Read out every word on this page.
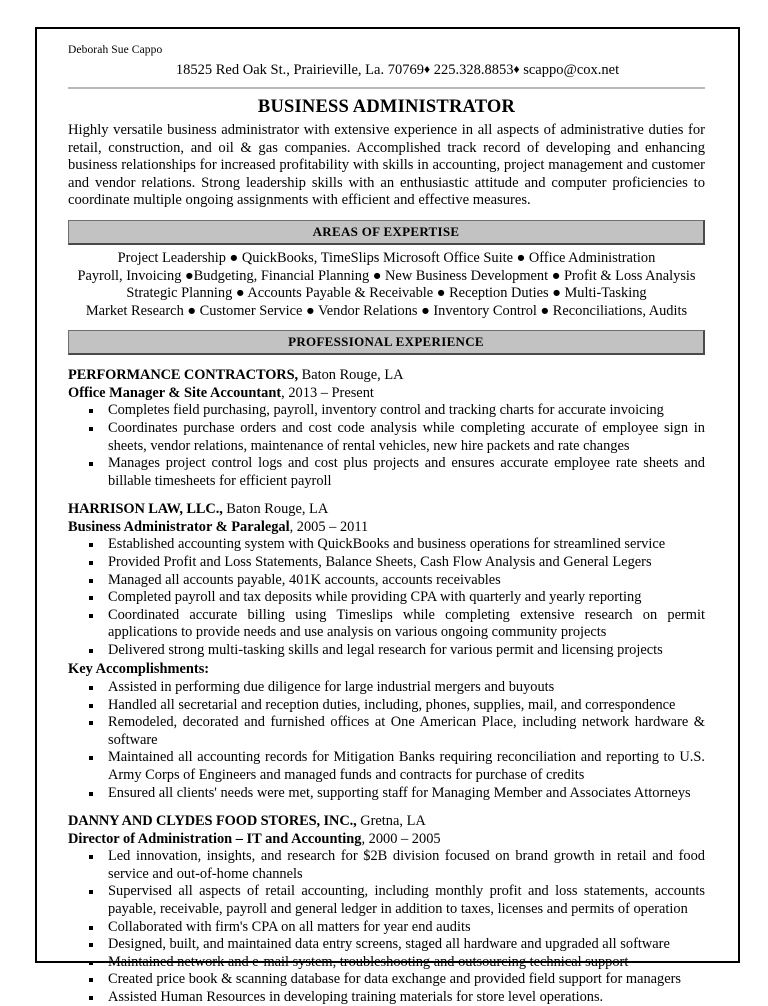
Deborah Sue Cappo
18525 Red Oak St., Prairieville, La. 70769♦ 225.328.8853♦ scappo@cox.net
BUSINESS ADMINISTRATOR
Highly versatile business administrator with extensive experience in all aspects of administrative duties for retail, construction, and oil & gas companies. Accomplished track record of developing and enhancing business relationships for increased profitability with skills in accounting, project management and customer and vendor relations. Strong leadership skills with an enthusiastic attitude and computer proficiencies to coordinate multiple ongoing assignments with efficient and effective measures.
AREAS OF EXPERTISE
Project Leadership ● QuickBooks, TimeSlips Microsoft Office Suite ● Office Administration
Payroll, Invoicing ●Budgeting, Financial Planning ● New Business Development ● Profit & Loss Analysis
Strategic Planning ● Accounts Payable & Receivable ● Reception Duties ● Multi-Tasking
Market Research ● Customer Service ● Vendor Relations ● Inventory Control ● Reconciliations, Audits
PROFESSIONAL EXPERIENCE
PERFORMANCE CONTRACTORS, Baton Rouge, LA
Office Manager & Site Accountant, 2013 – Present
Completes field purchasing, payroll, inventory control and tracking charts for accurate invoicing
Coordinates purchase orders and cost code analysis while completing accurate of employee sign in sheets, vendor relations, maintenance of rental vehicles, new hire packets and rate changes
Manages project control logs and cost plus projects and ensures accurate employee rate sheets and billable timesheets for efficient payroll
HARRISON LAW, LLC., Baton Rouge, LA
Business Administrator & Paralegal, 2005 – 2011
Established accounting system with QuickBooks and business operations for streamlined service
Provided Profit and Loss Statements, Balance Sheets, Cash Flow Analysis and General Legers
Managed all accounts payable, 401K accounts, accounts receivables
Completed payroll and tax deposits while providing CPA with quarterly and yearly reporting
Coordinated accurate billing using Timeslips while completing extensive research on permit applications to provide needs and use analysis on various ongoing community projects
Delivered strong multi-tasking skills and legal research for various permit and licensing projects
Key Accomplishments:
Assisted in performing due diligence for large industrial mergers and buyouts
Handled all secretarial and reception duties, including, phones, supplies, mail, and correspondence
Remodeled, decorated and furnished offices at One American Place, including network hardware & software
Maintained all accounting records for Mitigation Banks requiring reconciliation and reporting to U.S. Army Corps of Engineers and managed funds and contracts for purchase of credits
Ensured all clients' needs were met, supporting staff for Managing Member and Associates Attorneys
DANNY AND CLYDES FOOD STORES, INC., Gretna, LA
Director of Administration – IT and Accounting, 2000 – 2005
Led innovation, insights, and research for $2B division focused on brand growth in retail and food service and out-of-home channels
Supervised all aspects of retail accounting, including monthly profit and loss statements, accounts payable, receivable, payroll and general ledger in addition to taxes, licenses and permits of operation
Collaborated with firm's CPA on all matters for year end audits
Designed, built, and maintained data entry screens, staged all hardware and upgraded all software
Maintained network and e-mail system, troubleshooting and outsourcing technical support
Created price book & scanning database for data exchange and provided field support for managers
Assisted Human Resources in developing training materials for store level operations.
